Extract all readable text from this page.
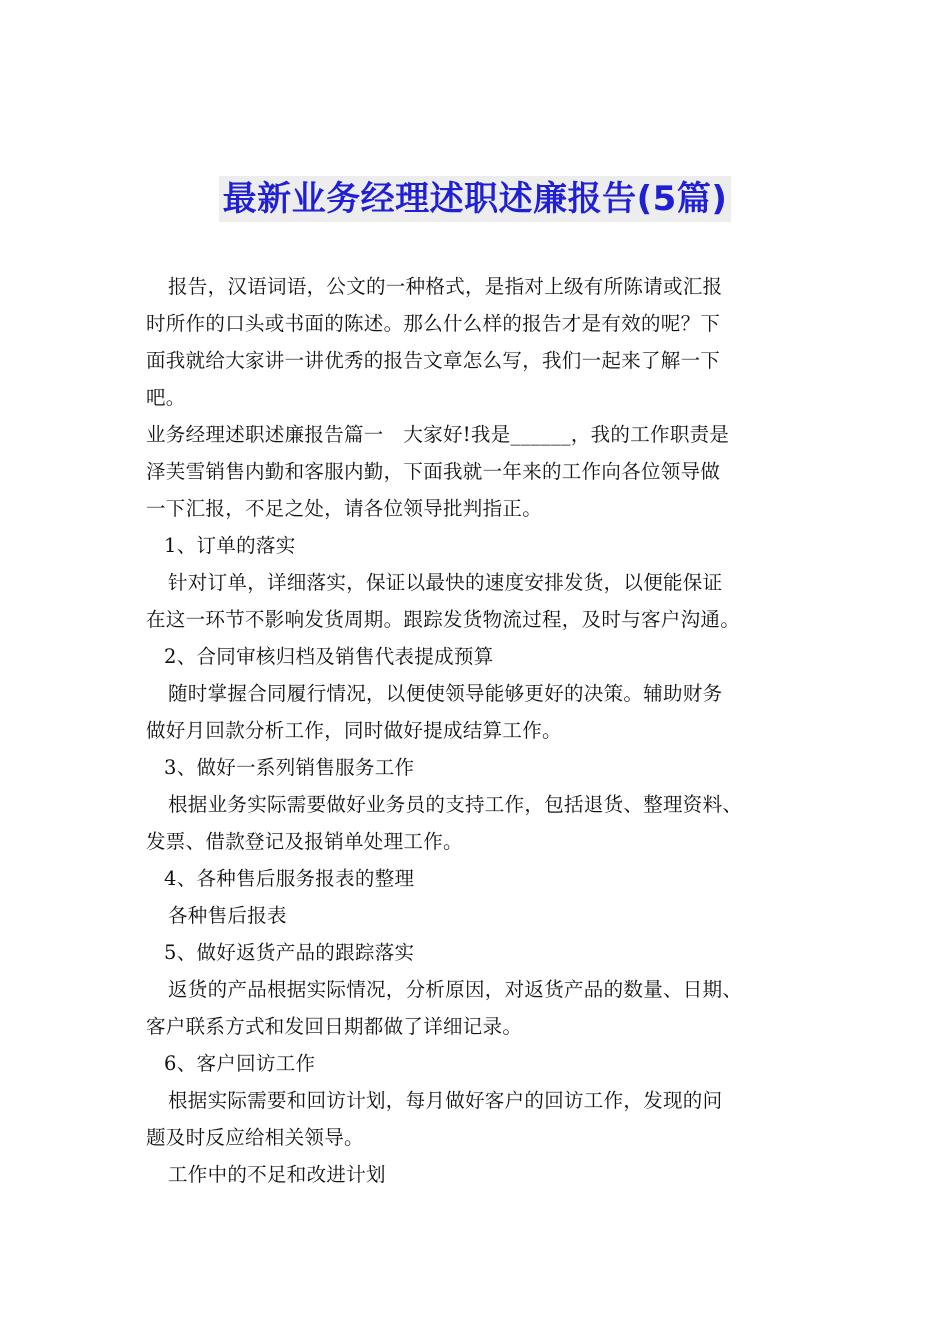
最新业务经理述职述廉报告(5篇)
报告，汉语词语，公文的一种格式，是指对上级有所陈请或汇报
时所作的口头或书面的陈述。那么什么样的报告才是有效的呢？下
面我就给大家讲一讲优秀的报告文章怎么写，我们一起来了解一下
吧。
业务经理述职述廉报告篇一　大家好!我是______，我的工作职责是
泽芙雪销售内勤和客服内勤，下面我就一年来的工作向各位领导做
一下汇报，不足之处，请各位领导批判指正。
1、订单的落实
针对订单，详细落实，保证以最快的速度安排发货，以便能保证
在这一环节不影响发货周期。跟踪发货物流过程，及时与客户沟通。
2、合同审核归档及销售代表提成预算
随时掌握合同履行情况，以便使领导能够更好的决策。辅助财务
做好月回款分析工作，同时做好提成结算工作。
3、做好一系列销售服务工作
根据业务实际需要做好业务员的支持工作，包括退货、整理资料、
发票、借款登记及报销单处理工作。
4、各种售后服务报表的整理
各种售后报表
5、做好返货产品的跟踪落实
返货的产品根据实际情况，分析原因，对返货产品的数量、日期、
客户联系方式和发回日期都做了详细记录。
6、客户回访工作
根据实际需要和回访计划，每月做好客户的回访工作，发现的问
题及时反应给相关领导。
工作中的不足和改进计划
